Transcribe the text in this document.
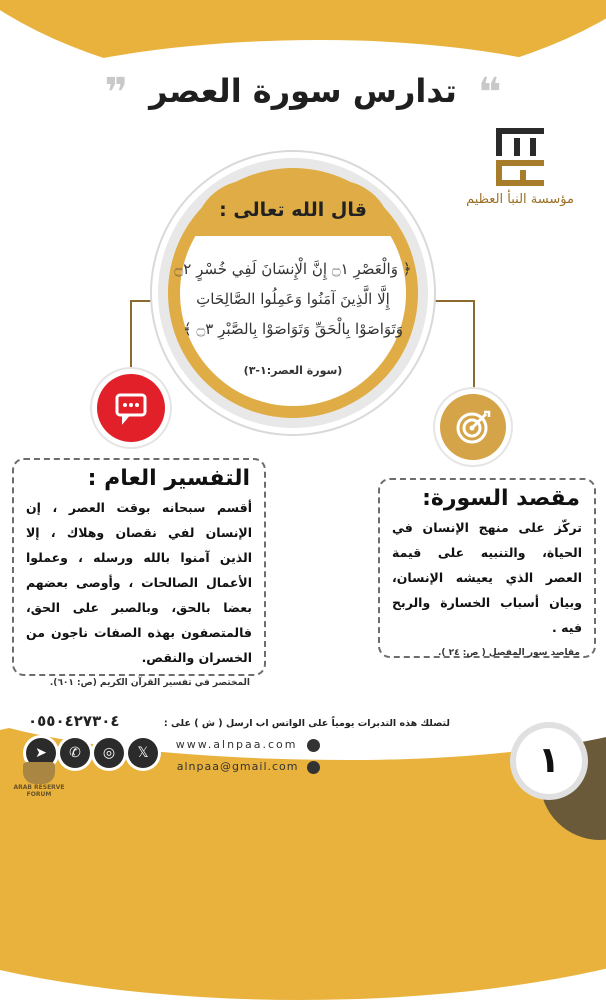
❝ تدارس سورة العصر ❞
مؤسسة النبأ العظيم
قال الله تعالى :
﴿ وَالْعَصْرِ ۝١ إِنَّ الْإِنسَانَ لَفِي خُسْرٍ ۝٢
إِلَّا الَّذِينَ آمَنُوا وَعَمِلُوا الصَّالِحَاتِ
وَتَوَاصَوْا بِالْحَقِّ وَتَوَاصَوْا بِالصَّبْرِ ۝٣ ﴾
(سورة العصر:١-٣)
التفسير العام :
أقسم سبحانه بوقت العصر ، إن الإنسان لفي نقصان وهلاك ، إلا الذين آمنوا بالله ورسله ، وعملوا الأعمال الصالحات ، وأوصى بعضهم بعضا بالحق، وبالصبر على الحق، فالمتصفون بهذه الصفات ناجون من الخسران والنقص.
المختصر في تفسير القرآن الكريم (ص: ٦٠١).
مقصد السورة:
تركّز على منهج الإنسان في الحياة، والتنبيه على قيمة العصر الذي يعيشه الإنسان، وبيان أسباب الخسارة والربح فيه .
مقاصد سور المفصل ( ص: ٢٤ ).
لتصلك هذه التدبرات يومياً على الواتس اب ارسل ( ش ) على :
٠٥٥٠٤٢٧٣٠٤
www.alnpaa.com
alnpaa@gmail.com
𝕏
◎
✆
➤	١
ARAB RESERVE FORUM
